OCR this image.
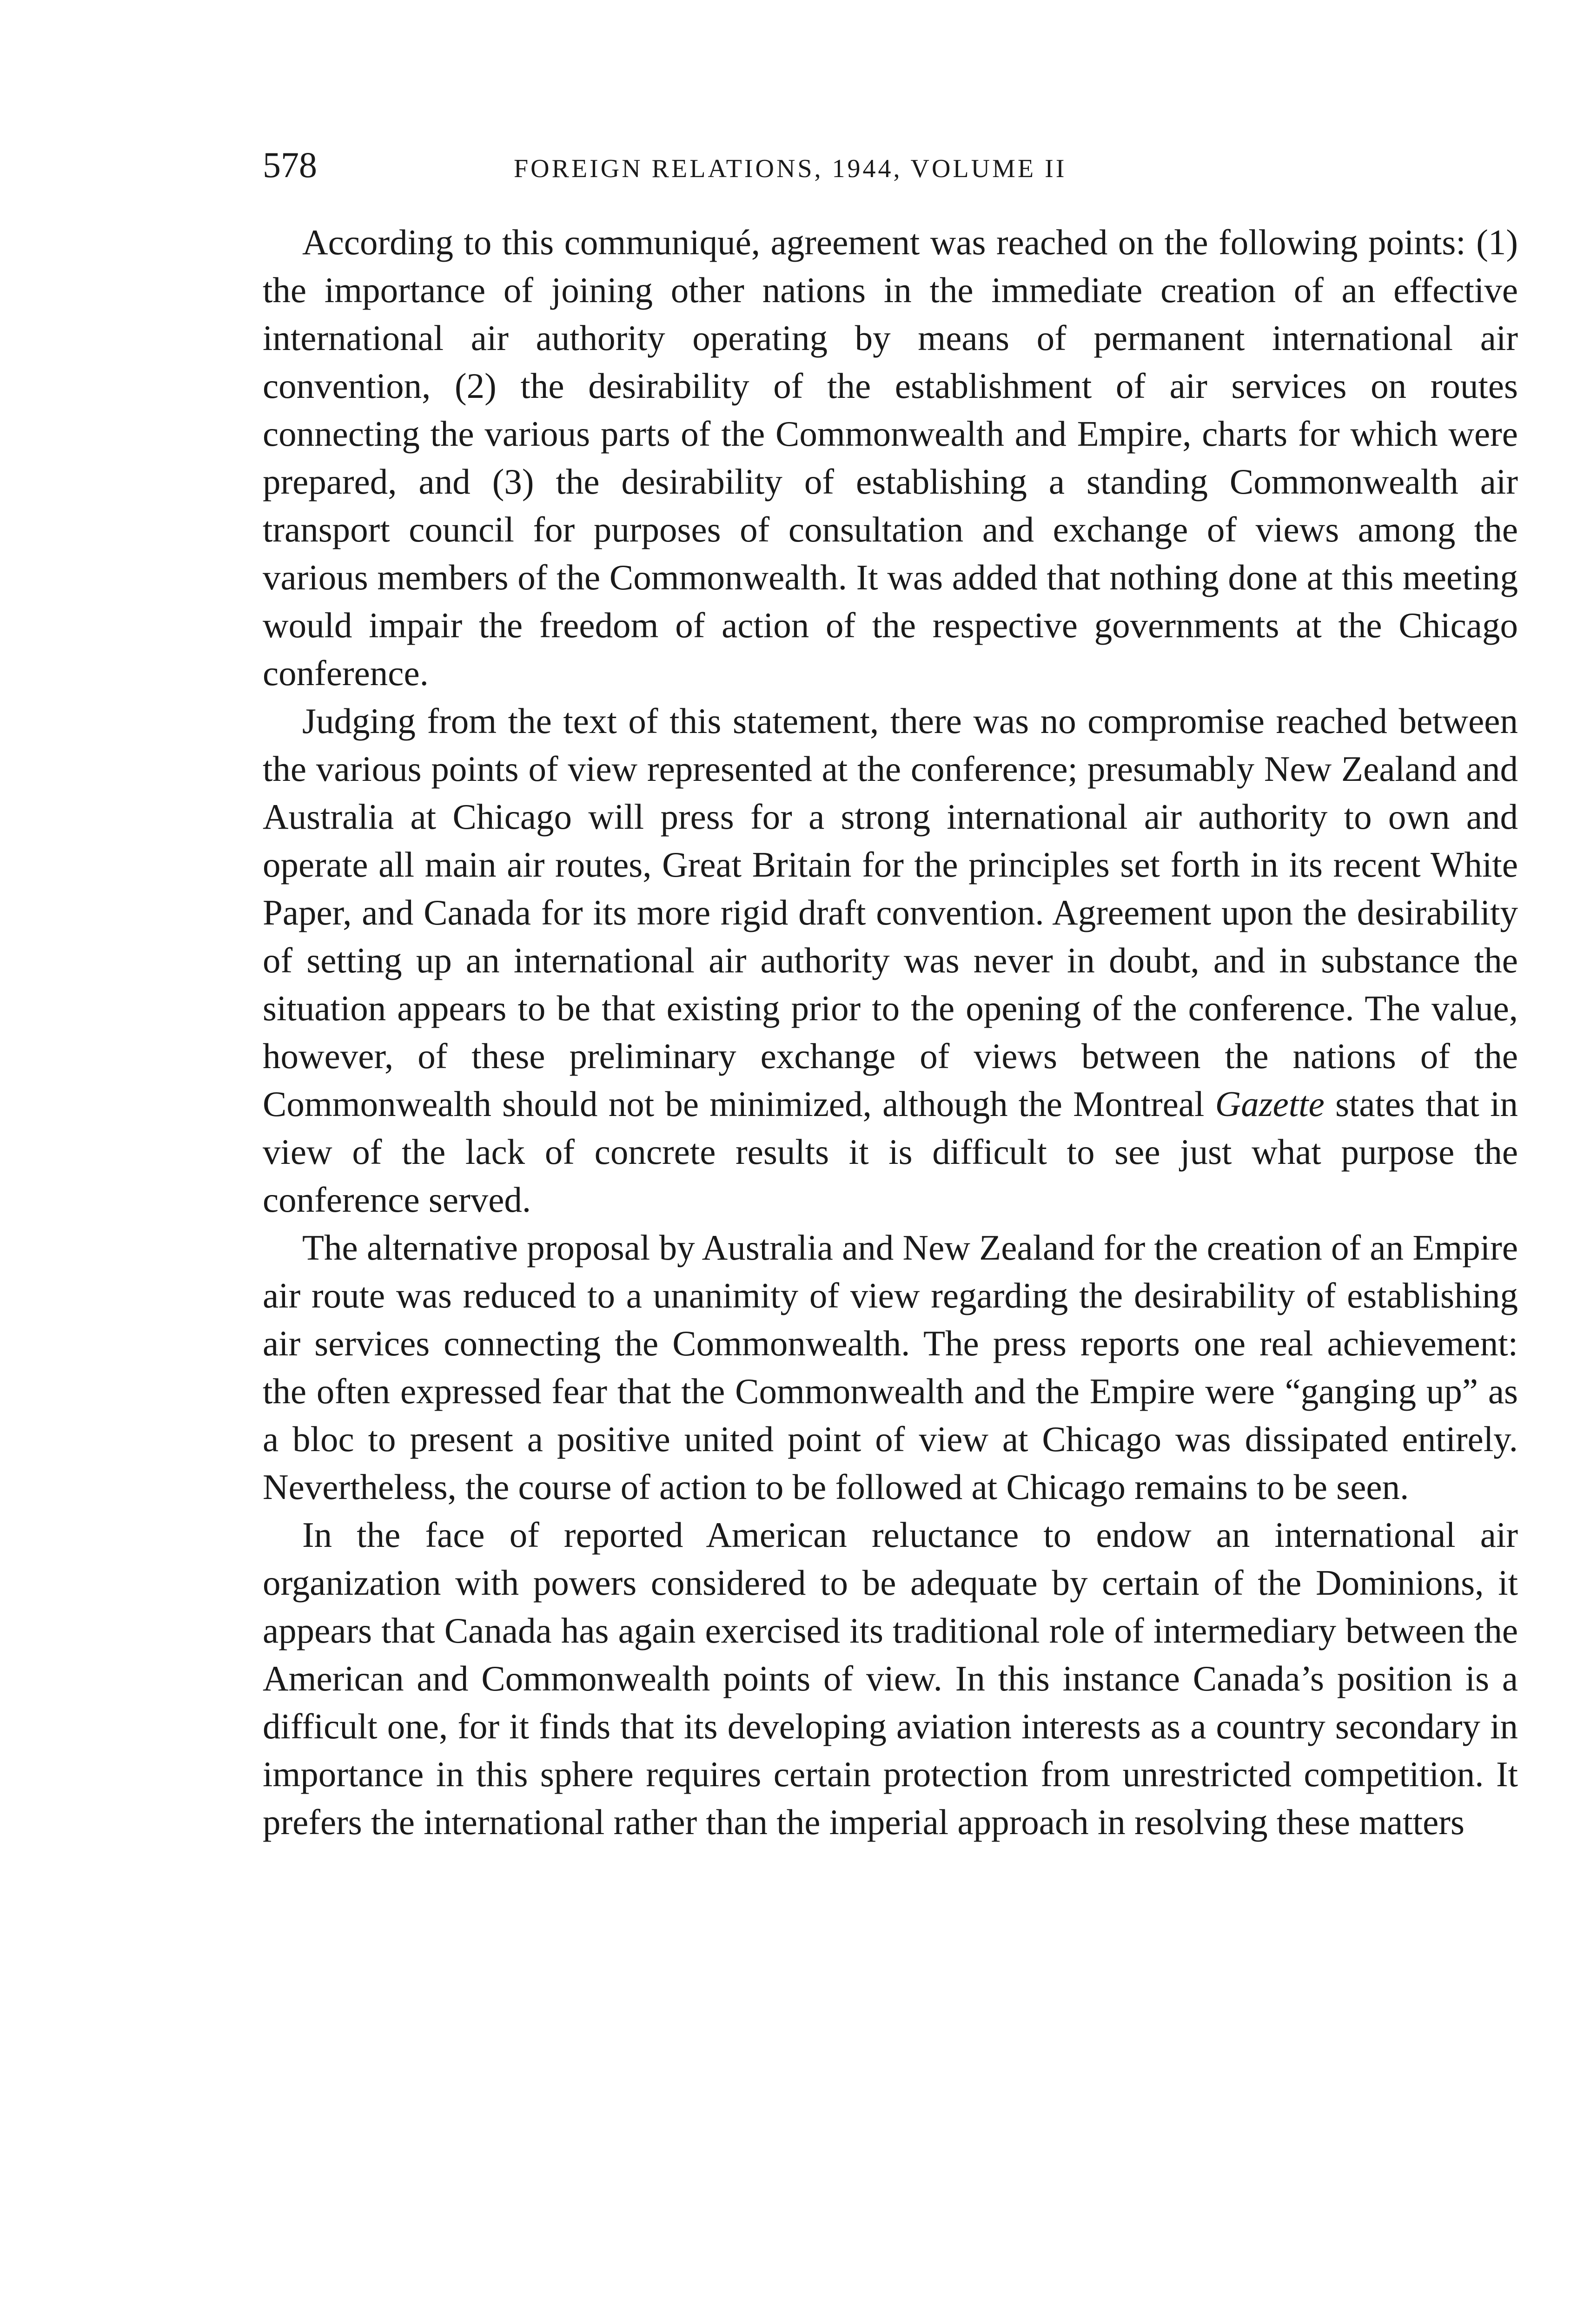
578	FOREIGN RELATIONS, 1944, VOLUME II

According to this communiqué, agreement was reached on the following points: (1) the importance of joining other nations in the immediate creation of an effective international air authority operating by means of permanent international air convention, (2) the desirability of the establishment of air services on routes connecting the various parts of the Commonwealth and Empire, charts for which were prepared, and (3) the desirability of establishing a standing Commonwealth air transport council for purposes of consultation and exchange of views among the various members of the Commonwealth. It was added that nothing done at this meeting would impair the freedom of action of the respective governments at the Chicago conference.

Judging from the text of this statement, there was no compromise reached between the various points of view represented at the conference; presumably New Zealand and Australia at Chicago will press for a strong international air authority to own and operate all main air routes, Great Britain for the principles set forth in its recent White Paper, and Canada for its more rigid draft convention. Agreement upon the desirability of setting up an international air authority was never in doubt, and in substance the situation appears to be that existing prior to the opening of the conference. The value, however, of these preliminary exchange of views between the nations of the Commonwealth should not be minimized, although the Montreal Gazette states that in view of the lack of concrete results it is difficult to see just what purpose the conference served.

The alternative proposal by Australia and New Zealand for the creation of an Empire air route was reduced to a unanimity of view regarding the desirability of establishing air services connecting the Commonwealth. The press reports one real achievement: the often expressed fear that the Commonwealth and the Empire were “ganging up” as a bloc to present a positive united point of view at Chicago was dissipated entirely. Nevertheless, the course of action to be followed at Chicago remains to be seen.

In the face of reported American reluctance to endow an international air organization with powers considered to be adequate by certain of the Dominions, it appears that Canada has again exercised its traditional role of intermediary between the American and Commonwealth points of view. In this instance Canada’s position is a difficult one, for it finds that its developing aviation interests as a country secondary in importance in this sphere requires certain protection from unrestricted competition. It prefers the international rather than the imperial approach in resolving these matters
